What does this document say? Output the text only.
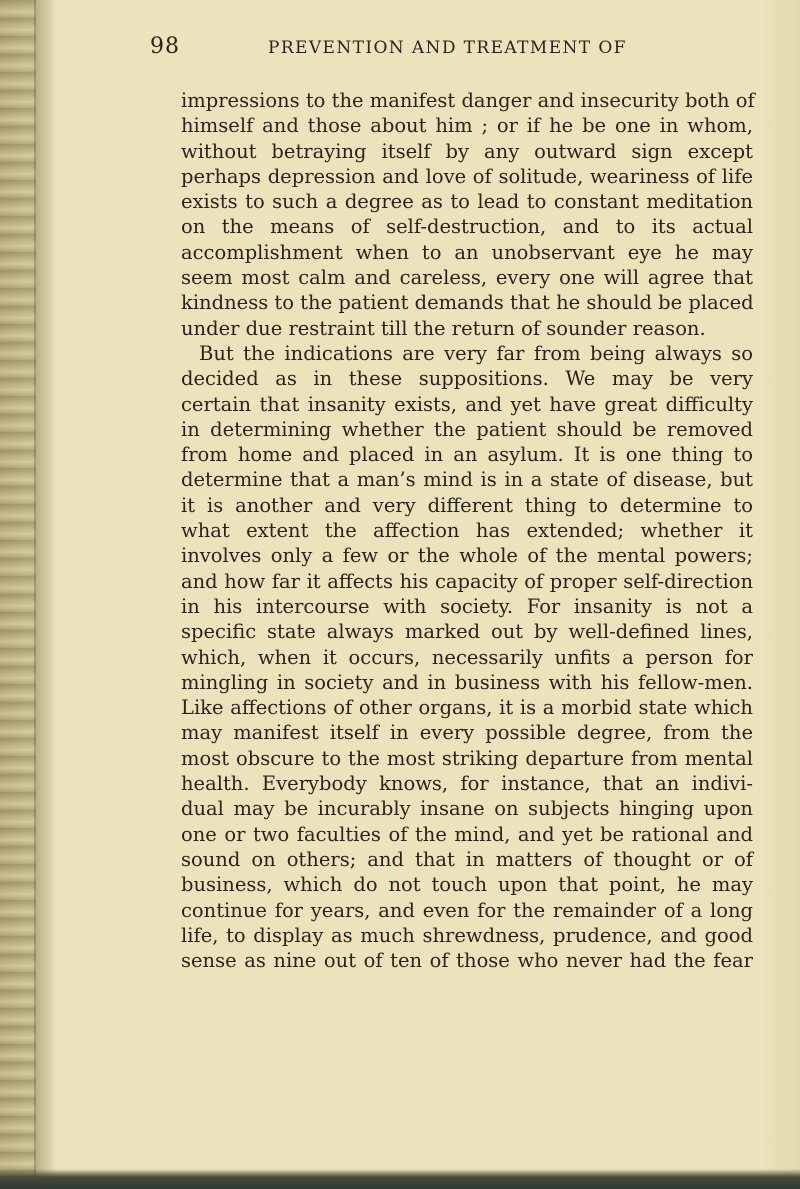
98	PREVENTION AND TREATMENT OF
impressions to the manifest danger and insecurity both of
himself and those about him ; or if he be one in whom,
without betraying itself by any outward sign except
perhaps depression and love of solitude, weariness of life
exists to such a degree as to lead to constant meditation
on the means of self-destruction, and to its actual
accomplishment when to an unobservant eye he may
seem most calm and careless, every one will agree that
kindness to the patient demands that he should be placed
under due restraint till the return of sounder reason.
But the indications are very far from being always so
decided as in these suppositions. We may be very
certain that insanity exists, and yet have great difficulty
in determining whether the patient should be removed
from home and placed in an asylum. It is one thing to
determine that a man’s mind is in a state of disease, but
it is another and very different thing to determine to
what extent the affection has extended; whether it
involves only a few or the whole of the mental powers;
and how far it affects his capacity of proper self-direction
in his intercourse with society. For insanity is not a
specific state always marked out by well-defined lines,
which, when it occurs, necessarily unfits a person for
mingling in society and in business with his fellow-men.
Like affections of other organs, it is a morbid state which
may manifest itself in every possible degree, from the
most obscure to the most striking departure from mental
health. Everybody knows, for instance, that an indivi-
dual may be incurably insane on subjects hinging upon
one or two faculties of the mind, and yet be rational and
sound on others; and that in matters of thought or of
business, which do not touch upon that point, he may
continue for years, and even for the remainder of a long
life, to display as much shrewdness, prudence, and good
sense as nine out of ten of those who never had the fear
